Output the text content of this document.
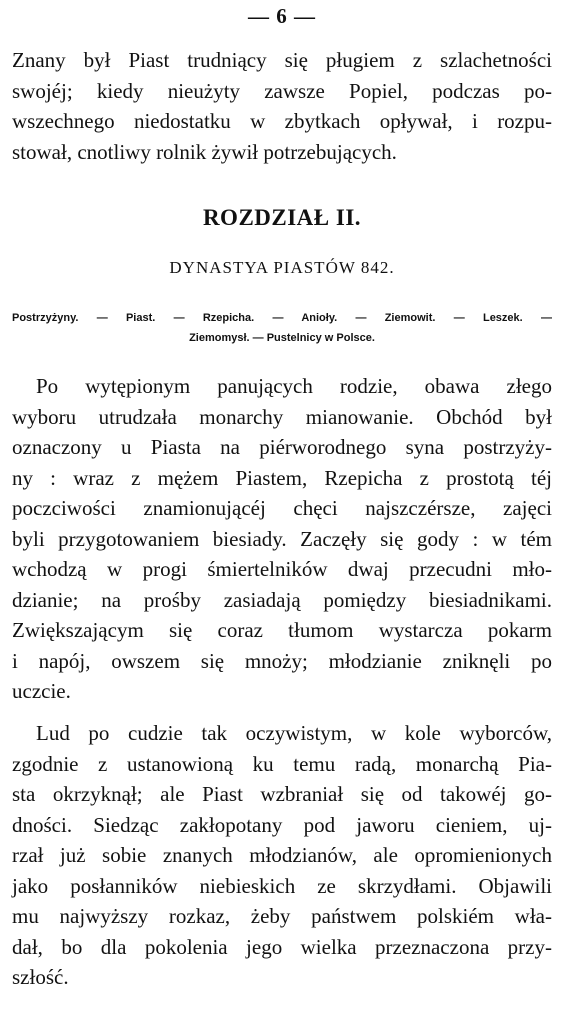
— 6 —
Znany był Piast trudniący się pługiem z szlachetności
swojéj; kiedy nieużyty zawsze Popiel, podczas po-
wszechnego niedostatku w zbytkach opływał, i rozpu-
stował, cnotliwy rolnik żywił potrzebujących.
ROZDZIAŁ II.
DYNASTYA PIASTÓW 842.
Postrzyżyny. — Piast. — Rzepicha. — Anioły. — Ziemowit. — Leszek. —
Ziemomysł. — Pustelnicy w Polsce.
Po wytępionym panujących rodzie, obawa złego
wyboru utrudzała monarchy mianowanie. Obchód był
oznaczony u Piasta na piérworodnego syna postrzyży-
ny : wraz z mężem Piastem, Rzepicha z prostotą téj
poczciwości znamionującéj chęci najszczérsze, zajęci
byli przygotowaniem biesiady. Zaczęły się gody : w tém
wchodzą w progi śmiertelników dwaj przecudni mło-
dzianie; na prośby zasiadają pomiędzy biesiadnikami.
Zwiększającym się coraz tłumom wystarcza pokarm
i napój, owszem się mnoży; młodzianie zniknęli po
uczcie.
Lud po cudzie tak oczywistym, w kole wyborców,
zgodnie z ustanowioną ku temu radą, monarchą Pia-
sta okrzyknął; ale Piast wzbraniał się od takowéj go-
dności. Siedząc zakłopotany pod jaworu cieniem, uj-
rzał już sobie znanych młodzianów, ale opromienionych
jako posłanników niebieskich ze skrzydłami. Objawili
mu najwyższy rozkaz, żeby państwem polskiém wła-
dał, bo dla pokolenia jego wielka przeznaczona przy-
szłość.
